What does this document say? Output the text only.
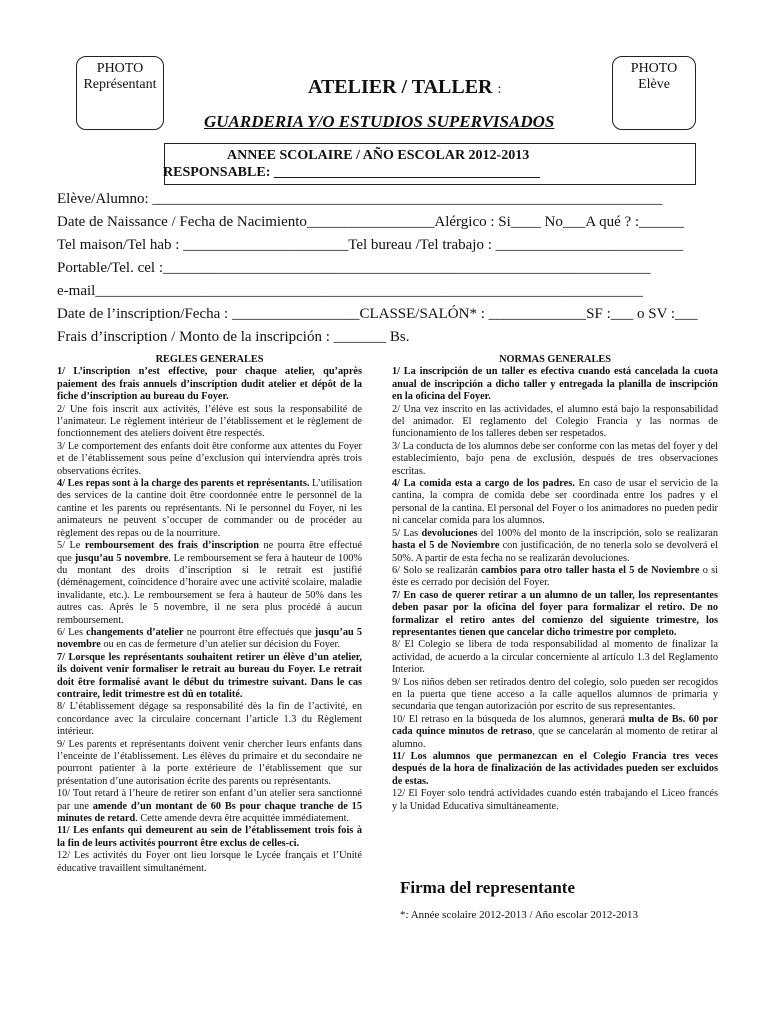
PHOTO
Représentant
PHOTO
Elève
ATELIER / TALLER :
GUARDERIA Y/O ESTUDIOS SUPERVISADOS
ANNEE SCOLAIRE / AÑO ESCOLAR 2012-2013
RESPONSABLE: ______________________________________
Elève/Alumno: ____________________________________________________________________
Date de Naissance / Fecha de Nacimiento_________________Alérgico : Si____ No___A qué ? :______
Tel maison/Tel hab : ______________________Tel bureau /Tel trabajo : _________________________
Portable/Tel. cel :_________________________________________________________________
e-mail_________________________________________________________________________
Date de l’inscription/Fecha : _________________CLASSE/SALÓN* : _____________SF :___ o SV :___
Frais d’inscription / Monto de la inscripción : _______ Bs.

REGLES GENERALES

1/ L’inscription n’est effective, pour chaque atelier, qu’après paiement des frais annuels d’inscription dudit atelier et dépôt de la fiche d’inscription au bureau du Foyer.

2/ Une fois inscrit aux activités, l’élève est sous la responsabilité de l’animateur. Le règlement intérieur de l’établissement et le règlement de fonctionnement des ateliers doivent être respectés.

3/ Le comportement des enfants doit être conforme aux attentes du Foyer et de l’établissement sous peine d’exclusion qui interviendra après trois observations écrites.

4/ Les repas sont à la charge des parents et représentants. L’utilisation des services de la cantine doit être coordonnée entre le personnel de la cantine et les parents ou représentants. Ni le personnel du Foyer, ni les animateurs ne peuvent s’occuper de commander ou de procéder au règlement des repas ou de la nourriture.

5/ Le remboursement des frais d’inscription ne pourra être effectué que jusqu’au 5 novembre. Le remboursement se fera à hauteur de 100% du montant des droits d’inscription si le retrait est justifié (déménagement, coïncidence d’horaire avec une activité scolaire, maladie invalidante, etc.). Le remboursement se fera à hauteur de 50% dans les autres cas. Après le 5 novembre, il ne sera plus procédé à aucun remboursement.

6/ Les changements d’atelier ne pourront être effectués que jusqu’au 5 novembre ou en cas de fermeture d’un atelier sur décision du Foyer.

7/ Lorsque les représentants souhaitent retirer un élève d’un atelier, ils doivent venir formaliser le retrait au bureau du Foyer. Le retrait doit être formalisé avant le début du trimestre suivant. Dans le cas contraire, ledit trimestre est dû en totalité.

8/ L’établissement dégage sa responsabilité dès la fin de l’activité, en concordance avec la circulaire concernant l’article 1.3 du Règlement intérieur.

9/ Les parents et représentants doivent venir chercher leurs enfants dans l’enceinte de l’établissement. Les élèves du primaire et du secondaire ne pourront patienter à la porte extérieure de l’établissement que sur présentation d’une autorisation écrite des parents ou représentants.

10/ Tout retard à l’heure de retirer son enfant d’un atelier sera sanctionné par une amende d’un montant de 60 Bs pour chaque tranche de 15 minutes de retard. Cette amende devra être acquittée immédiatement.

11/ Les enfants qui demeurent au sein de l’établissement trois fois à la fin de leurs activités pourront être exclus de celles-ci.

12/ Les activités du Foyer ont lieu lorsque le Lycée français et l’Unité éducative travaillent simultanément.

NORMAS GENERALES

1/ La inscripción de un taller es efectiva cuando está cancelada la cuota anual de inscripción a dicho taller y entregada la planilla de inscripción en la oficina del Foyer.

2/ Una vez inscrito en las actividades, el alumno está bajo la responsabilidad del animador. El reglamento del Colegio Francia y las normas de funcionamiento de los talleres deben ser respetados.

3/ La conducta de los alumnos debe ser conforme con las metas del foyer y del establecimiento, bajo pena de exclusión, después de tres observaciones escritas.

4/ La comida esta a cargo de los padres. En caso de usar el servicio de la cantina, la compra de comida debe ser coordinada entre los padres y el personal de la cantina. El personal del Foyer o los animadores no pueden pedir ni cancelar comida para los alumnos.

5/ Las devoluciones del 100% del monto de la inscripción, solo se realizaran hasta el 5 de Noviembre con justificación, de no tenerla solo se devolverá el 50%. A partir de esta fecha no se realizarán devoluciones.

6/ Solo se realizarán cambios para otro taller hasta el 5 de Noviembre o si éste es cerrado por decisión del Foyer.

7/ En caso de querer retirar a un alumno de un taller, los representantes deben pasar por la oficina del foyer para formalizar el retiro. De no formalizar el retiro antes del comienzo del siguiente trimestre, los representantes tienen que cancelar dicho trimestre por completo.

8/ El Colegio se libera de toda responsabilidad al momento de finalizar la actividad, de acuerdo a la circular concerniente al artículo 1.3 del Reglamento Interior.

9/ Los niños deben ser retirados dentro del colegio, solo pueden ser recogidos en la puerta que tiene acceso a la calle aquellos alumnos de primaria y secundaria que tengan autorización por escrito de sus representantes.

10/ El retraso en la búsqueda de los alumnos, generará multa de Bs. 60 por cada quince minutos de retraso, que se cancelarán al momento de retirar al alumno.

11/ Los alumnos que permanezcan en el Colegio Francia tres veces después de la hora de finalización de las actividades pueden ser excluidos de estas.

12/ El Foyer solo tendrá actividades cuando estén trabajando el Liceo francés y la Unidad Educativa simultáneamente.

Firma del representante
*: Année scolaire 2012-2013 / Año escolar 2012-2013
